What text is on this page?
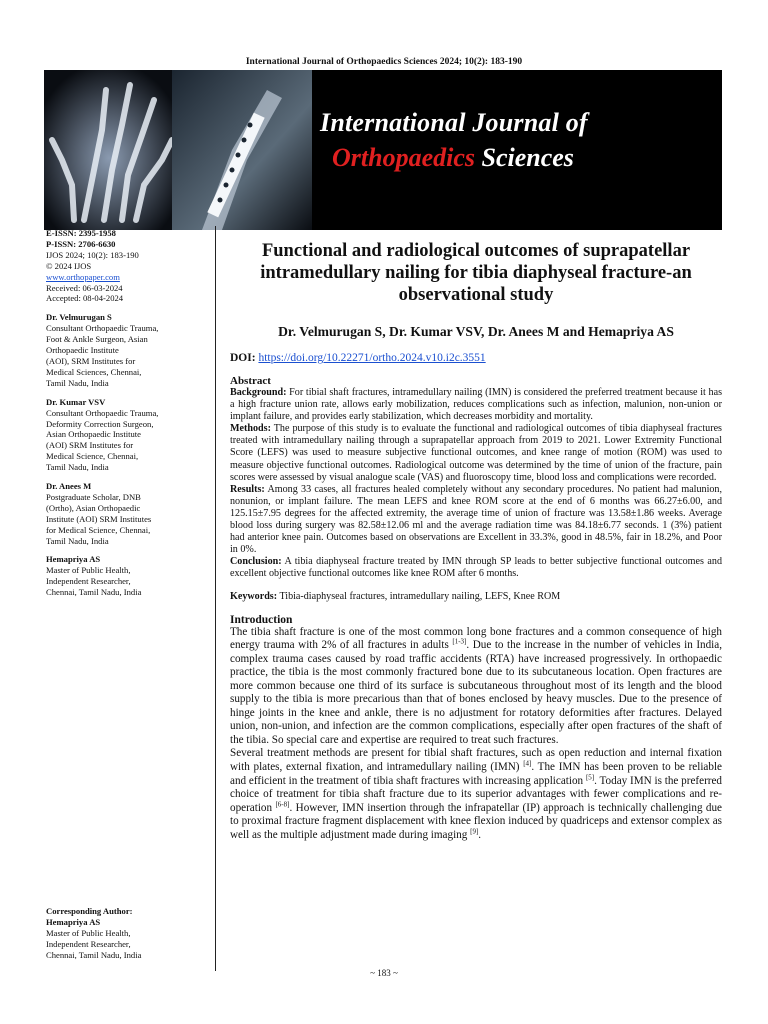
International Journal of Orthopaedics Sciences 2024; 10(2): 183-190
International Journal of
Orthopaedics Sciences
E-ISSN: 2395-1958
P-ISSN: 2706-6630
IJOS 2024; 10(2): 183-190
© 2024 IJOS
www.orthopaper.com
Received: 06-03-2024
Accepted: 08-04-2024
Dr. Velmurugan S
Consultant Orthopaedic Trauma,
Foot & Ankle Surgeon, Asian
Orthopaedic Institute
(AOI), SRM Institutes for
Medical Sciences, Chennai,
Tamil Nadu, India
Dr. Kumar VSV
Consultant Orthopaedic Trauma,
Deformity Correction Surgeon,
Asian Orthopaedic Institute
(AOI) SRM Institutes for
Medical Science, Chennai,
Tamil Nadu, India
Dr. Anees M
Postgraduate Scholar, DNB
(Ortho), Asian Orthopaedic
Institute (AOI) SRM Institutes
for Medical Science, Chennai,
Tamil Nadu, India
Hemapriya AS
Master of Public Health,
Independent Researcher,
Chennai, Tamil Nadu, India
Corresponding Author:
Hemapriya AS
Master of Public Health,
Independent Researcher,
Chennai, Tamil Nadu, India
Functional and radiological outcomes of suprapatellar intramedullary nailing for tibia diaphyseal fracture-an observational study
Dr. Velmurugan S, Dr. Kumar VSV, Dr. Anees M and Hemapriya AS
DOI: https://doi.org/10.22271/ortho.2024.v10.i2c.3551
Abstract

Background: For tibial shaft fractures, intramedullary nailing (IMN) is considered the preferred treatment because it has a high fracture union rate, allows early mobilization, reduces complications such as infection, malunion, non-union or implant failure, and provides early stabilization, which decreases morbidity and mortality.

Methods: The purpose of this study is to evaluate the functional and radiological outcomes of tibia diaphyseal fractures treated with intramedullary nailing through a suprapatellar approach from 2019 to 2021. Lower Extremity Functional Score (LEFS) was used to measure subjective functional outcomes, and knee range of motion (ROM) was used to measure objective functional outcomes. Radiological outcome was determined by the time of union of the fracture, pain scores were assessed by visual analogue scale (VAS) and fluoroscopy time, blood loss and complications were recorded.

Results: Among 33 cases, all fractures healed completely without any secondary procedures. No patient had malunion, nonunion, or implant failure. The mean LEFS and knee ROM score at the end of 6 months was 66.27±6.00, and 125.15±7.95 degrees for the affected extremity, the average time of union of fracture was 13.58±1.86 weeks. Average blood loss during surgery was 82.58±12.06 ml and the average radiation time was 84.18±6.77 seconds. 1 (3%) patient had anterior knee pain. Outcomes based on observations are Excellent in 33.3%, good in 48.5%, fair in 18.2%, and Poor in 0%.

Conclusion: A tibia diaphyseal fracture treated by IMN through SP leads to better subjective functional outcomes and excellent objective functional outcomes like knee ROM after 6 months.

Keywords: Tibia-diaphyseal fractures, intramedullary nailing, LEFS, Knee ROM
Introduction

The tibia shaft fracture is one of the most common long bone fractures and a common consequence of high energy trauma with 2% of all fractures in adults [1-3]. Due to the increase in the number of vehicles in India, complex trauma cases caused by road traffic accidents (RTA) have increased progressively. In orthopaedic practice, the tibia is the most commonly fractured bone due to its subcutaneous location. Open fractures are more common because one third of its surface is subcutaneous throughout most of its length and the blood supply to the tibia is more precarious than that of bones enclosed by heavy muscles. Due to the presence of hinge joints in the knee and ankle, there is no adjustment for rotatory deformities after fractures. Delayed union, non-union, and infection are the common complications, especially after open fractures of the shaft of the tibia. So special care and expertise are required to treat such fractures.

Several treatment methods are present for tibial shaft fractures, such as open reduction and internal fixation with plates, external fixation, and intramedullary nailing (IMN) [4]. The IMN has been proven to be reliable and efficient in the treatment of tibia shaft fractures with increasing application [5]. Today IMN is the preferred choice of treatment for tibia shaft fracture due to its superior advantages with fewer complications and re-operation [6-8]. However, IMN insertion through the infrapatellar (IP) approach is technically challenging due to proximal fracture fragment displacement with knee flexion induced by quadriceps and extensor complex as well as the multiple adjustment made during imaging [9].

~ 183 ~
